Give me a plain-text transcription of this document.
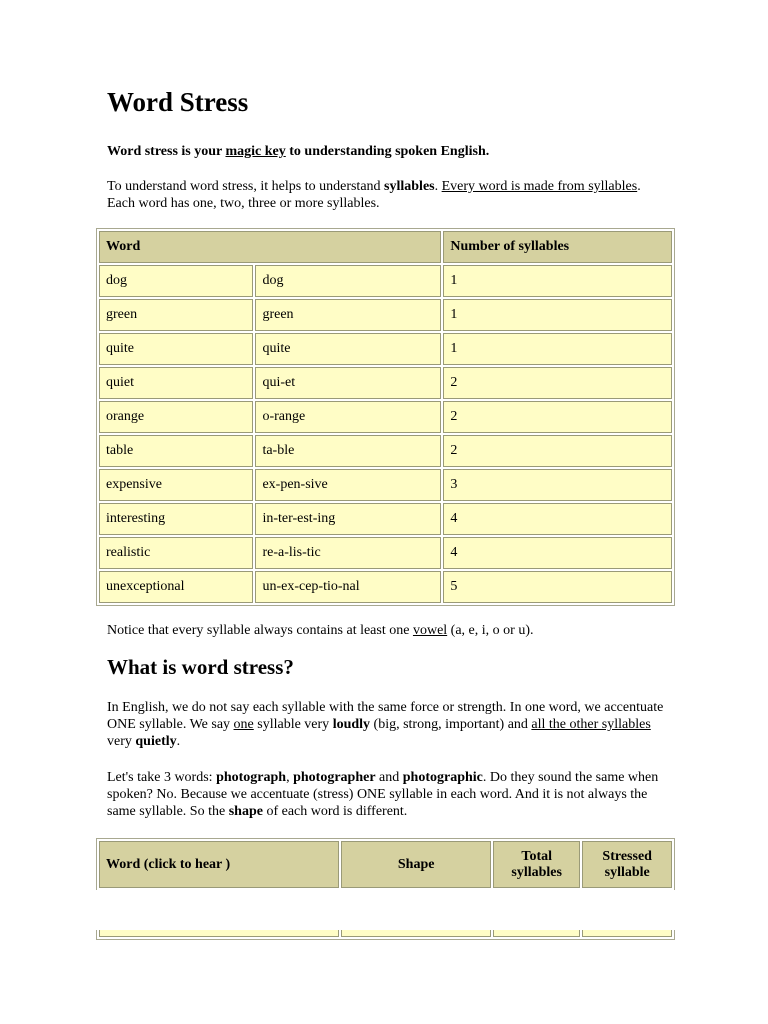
Word Stress

Word stress is your magic key to understanding spoken English.

To understand word stress, it helps to understand syllables. Every word is made from syllables. Each word has one, two, three or more syllables.

Word		Number of syllables
dog	dog	1
green	green	1
quite	quite	1
quiet	qui-et	2
orange	o-range	2
table	ta-ble	2
expensive	ex-pen-sive	3
interesting	in-ter-est-ing	4
realistic	re-a-lis-tic	4
unexceptional	un-ex-cep-tio-nal	5

Notice that every syllable always contains at least one vowel (a, e, i, o or u).

What is word stress?

In English, we do not say each syllable with the same force or strength. In one word, we accentuate ONE syllable. We say one syllable very loudly (big, strong, important) and all the other syllables very quietly.

Let's take 3 words: photograph, photographer and photographic. Do they sound the same when spoken? No. Because we accentuate (stress) ONE syllable in each word. And it is not always the same syllable. So the shape of each word is different.

Word (click to hear )	Shape	Total syllables	Stressed syllable
